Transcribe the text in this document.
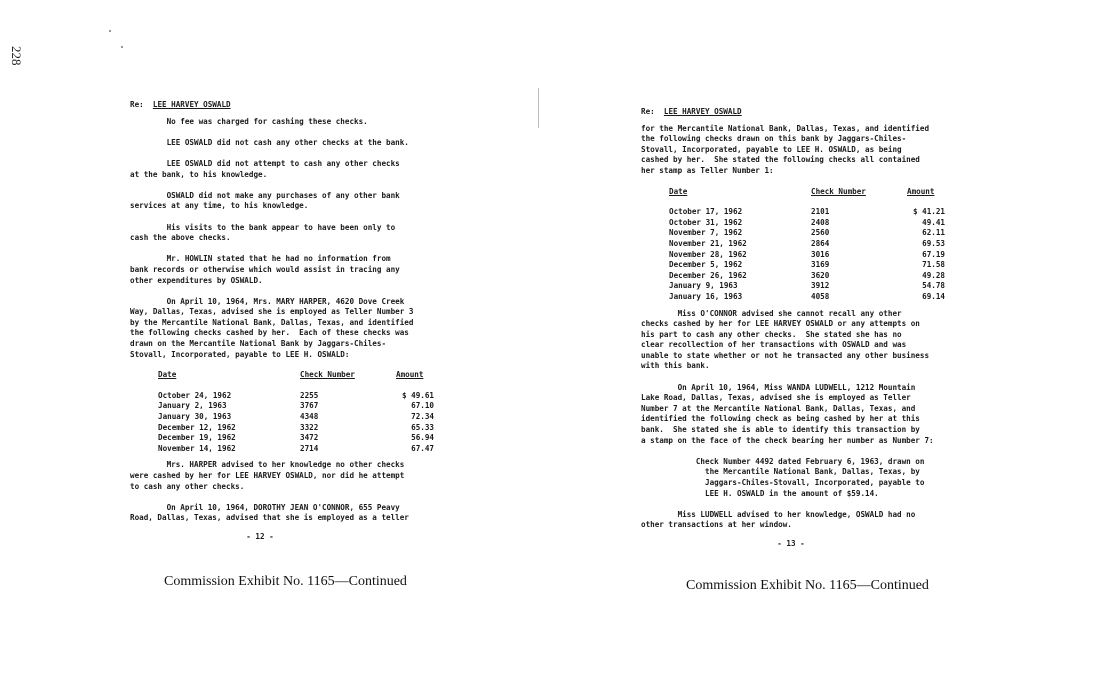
228
Re: LEE HARVEY OSWALD

No fee was charged for cashing these checks.

LEE OSWALD did not cash any other checks at the bank.

LEE OSWALD did not attempt to cash any other checks
at the bank, to his knowledge.

OSWALD did not make any purchases of any other bank
services at any time, to his knowledge.

His visits to the bank appear to have been only to
cash the above checks.

Mr. HOWLIN stated that he had no information from
bank records or otherwise which would assist in tracing any
other expenditures by OSWALD.

On April 10, 1964, Mrs. MARY HARPER, 4620 Dove Creek
Way, Dallas, Texas, advised she is employed as Teller Number 3
by the Mercantile National Bank, Dallas, Texas, and identified
the following checks cashed by her.  Each of these checks was
drawn on the Mercantile National Bank by Jaggars-Chiles-
Stovall, Incorporated, payable to LEE H. OSWALD:

Date	Check Number	Amount
October 24, 1962	2255	$ 49.61
January 2, 1963	3767	67.10
January 30, 1963	4348	72.34
December 12, 1962	3322	65.33
December 19, 1962	3472	56.94
November 14, 1962	2714	67.47

Mrs. HARPER advised to her knowledge no other checks
were cashed by her for LEE HARVEY OSWALD, nor did he attempt
to cash any other checks.

On April 10, 1964, DOROTHY JEAN O'CONNOR, 655 Peavy
Road, Dallas, Texas, advised that she is employed as a teller

- 12 -
Commission Exhibit No. 1165—Continued
Re: LEE HARVEY OSWALD

for the Mercantile National Bank, Dallas, Texas, and identified
the following checks drawn on this bank by Jaggars-Chiles-
Stovall, Incorporated, payable to LEE H. OSWALD, as being
cashed by her.  She stated the following checks all contained
her stamp as Teller Number 1:

Date	Check Number	Amount
October 17, 1962	2101	$ 41.21
October 31, 1962	2408	49.41
November 7, 1962	2560	62.11
November 21, 1962	2864	69.53
November 28, 1962	3016	67.19
December 5, 1962	3169	71.58
December 26, 1962	3620	49.28
January 9, 1963	3912	54.78
January 16, 1963	4058	69.14

Miss O'CONNOR advised she cannot recall any other
checks cashed by her for LEE HARVEY OSWALD or any attempts on
his part to cash any other checks.  She stated she has no
clear recollection of her transactions with OSWALD and was
unable to state whether or not he transacted any other business
with this bank.

On April 10, 1964, Miss WANDA LUDWELL, 1212 Mountain
Lake Road, Dallas, Texas, advised she is employed as Teller
Number 7 at the Mercantile National Bank, Dallas, Texas, and
identified the following check as being cashed by her at this
bank.  She stated she is able to identify this transaction by
a stamp on the face of the check bearing her number as Number 7:

Check Number 4492 dated February 6, 1963, drawn on
the Mercantile National Bank, Dallas, Texas, by
Jaggars-Chiles-Stovall, Incorporated, payable to
LEE H. OSWALD in the amount of $59.14.

Miss LUDWELL advised to her knowledge, OSWALD had no
other transactions at her window.

- 13 -
Commission Exhibit No. 1165—Continued
